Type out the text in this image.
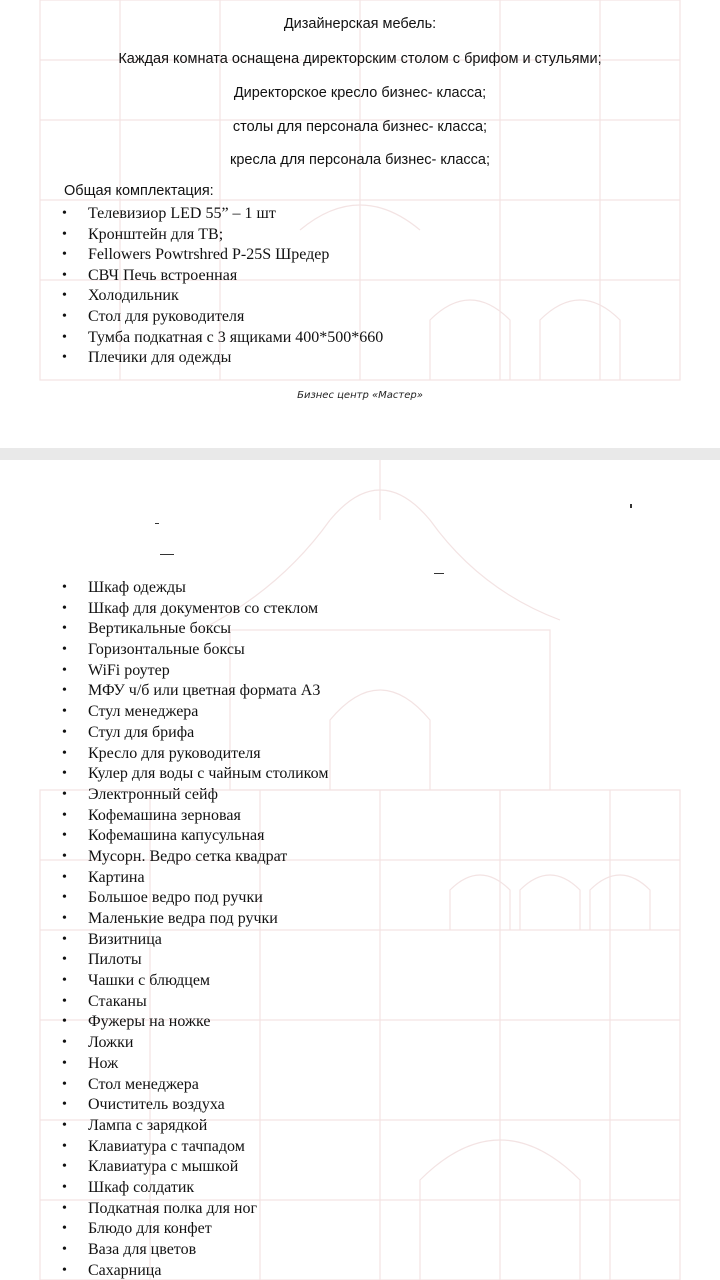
Дизайнерская мебель:
Каждая комната оснащена директорским столом с брифом и стульями;
Директорское кресло бизнес- класса;
столы для персонала бизнес- класса;
кресла для персонала бизнес- класса;
Общая комплектация:
• Телевизиор LED 55” – 1 шт
• Кронштейн для ТВ;
• Fellowers Powtrshred P-25S Шредер
• СВЧ Печь встроенная
• Холодильник
• Стол для руководителя
• Тумба подкатная с 3 ящиками 400*500*660
• Плечики для одежды
Бизнес центр «Мастер»
• Шкаф одежды
• Шкаф для документов со стеклом
• Вертикальные боксы
• Горизонтальные боксы
• WiFi роутер
• МФУ ч/б или цветная формата А3
• Стул менеджера
• Стул для брифа
• Кресло для руководителя
• Кулер для воды с чайным столиком
• Электронный сейф
• Кофемашина зерновая
• Кофемашина капусульная
• Мусорн. Ведро сетка квадрат
• Картина
• Большое ведро под ручки
• Маленькие ведра под ручки
• Визитница
• Пилоты
• Чашки с блюдцем
• Стаканы
• Фужеры на ножке
• Ложки
• Нож
• Стол менеджера
• Очиститель воздуха
• Лампа с зарядкой
• Клавиатура с тачпадом
• Клавиатура с мышкой
• Шкаф солдатик
• Подкатная полка для ног
• Блюдо для конфет
• Ваза для цветов
• Сахарница
